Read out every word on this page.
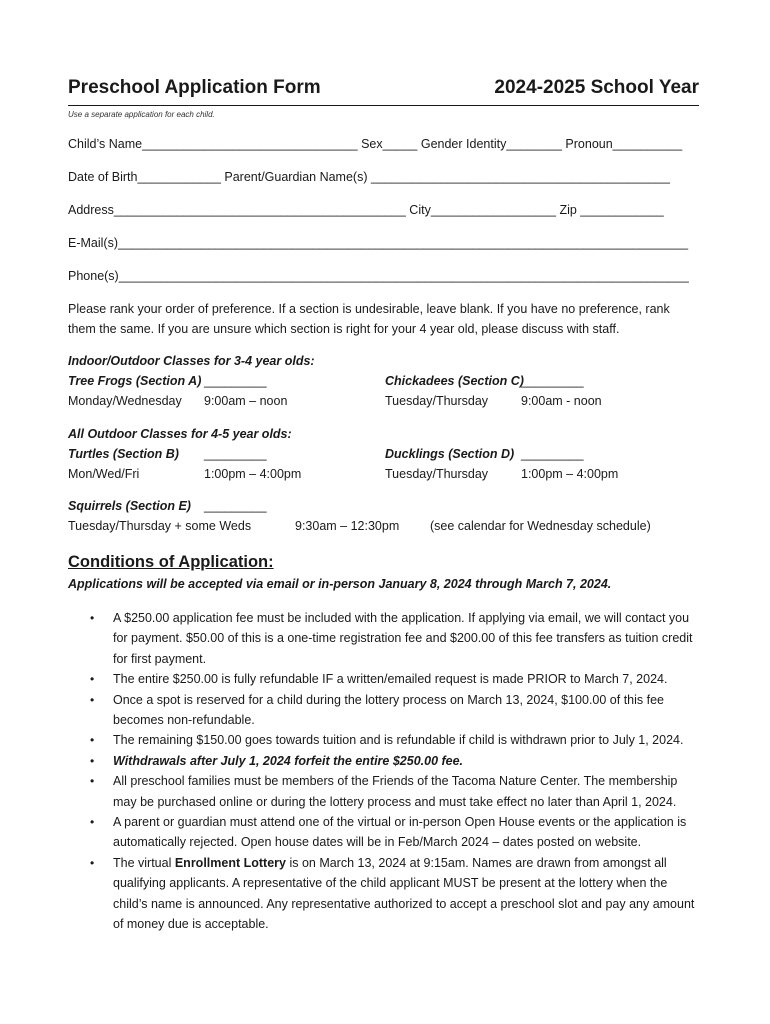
Preschool Application Form	2024-2025 School Year
Use a separate application for each child.
Child’s Name_______________________________ Sex_____ Gender Identity________ Pronoun__________
Date of Birth____________ Parent/Guardian Name(s) ___________________________________________
Address__________________________________________ City__________________ Zip ____________
E-Mail(s)__________________________________________________________________________________
Phone(s)__________________________________________________________________________________
Please rank your order of preference. If a section is undesirable, leave blank. If you have no preference, rank
them the same. If you are unsure which section is right for your 4 year old, please discuss with staff.
Indoor/Outdoor Classes for 3-4 year olds:
Tree Frogs (Section A) _________
Monday/Wednesday 9:00am – noon
Chickadees (Section C)
_________
Tuesday/Thursday	9:00am - noon
All Outdoor Classes for 4-5 year olds:
Turtles (Section B) _________
Mon/Wed/Fri	1:00pm – 4:00pm
Ducklings (Section D) _________
Tuesday/Thursday	1:00pm – 4:00pm
Squirrels (Section E) _________
Tuesday/Thursday + some Weds	9:30am – 12:30pm (see calendar for Wednesday schedule)
Conditions of Application:
Applications will be accepted via email or in-person January 8, 2024 through March 7, 2024.
• A $250.00 application fee must be included with the application. If applying via email, we will contact you for payment. $50.00 of this is a one-time registration fee and $200.00 of this fee transfers as tuition credit for first payment.
• The entire $250.00 is fully refundable IF a written/emailed request is made PRIOR to March 7, 2024.
• Once a spot is reserved for a child during the lottery process on March 13, 2024, $100.00 of this fee becomes non-refundable.
• The remaining $150.00 goes towards tuition and is refundable if child is withdrawn prior to July 1, 2024.
• Withdrawals after July 1, 2024 forfeit the entire $250.00 fee.
• All preschool families must be members of the Friends of the Tacoma Nature Center. The membership may be purchased online or during the lottery process and must take effect no later than April 1, 2024.
• A parent or guardian must attend one of the virtual or in-person Open House events or the application is automatically rejected. Open house dates will be in Feb/March 2024 – dates posted on website.
• The virtual Enrollment Lottery is on March 13, 2024 at 9:15am. Names are drawn from amongst all qualifying applicants. A representative of the child applicant MUST be present at the lottery when the child’s name is announced. Any representative authorized to accept a preschool slot and pay any amount of money due is acceptable.
